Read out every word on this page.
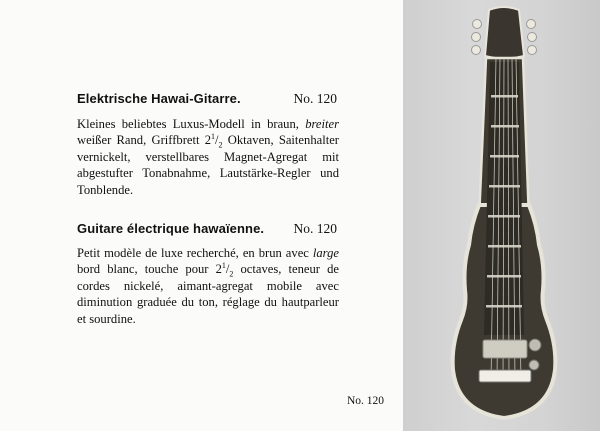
Elektrische Hawai-Gitarre.	No. 120
Kleines beliebtes Luxus-Modell in braun, breiter weißer Rand, Griffbrett $2^1/_2$ Oktaven, Saitenhalter vernickelt, verstellbares Magnet-Agregat mit abgestufter Tonabnahme, Lautstärke-Regler und Tonblende.
Guitare électrique hawaïenne. No. 120
Petit modèle de luxe recherché, en brun avec large bord blanc, touche pour $2^1/_2$ octaves, teneur de cordes nickelé, aimant-agregat mobile avec diminution graduée du ton, réglage du hautparleur et sourdine.
No. 120
